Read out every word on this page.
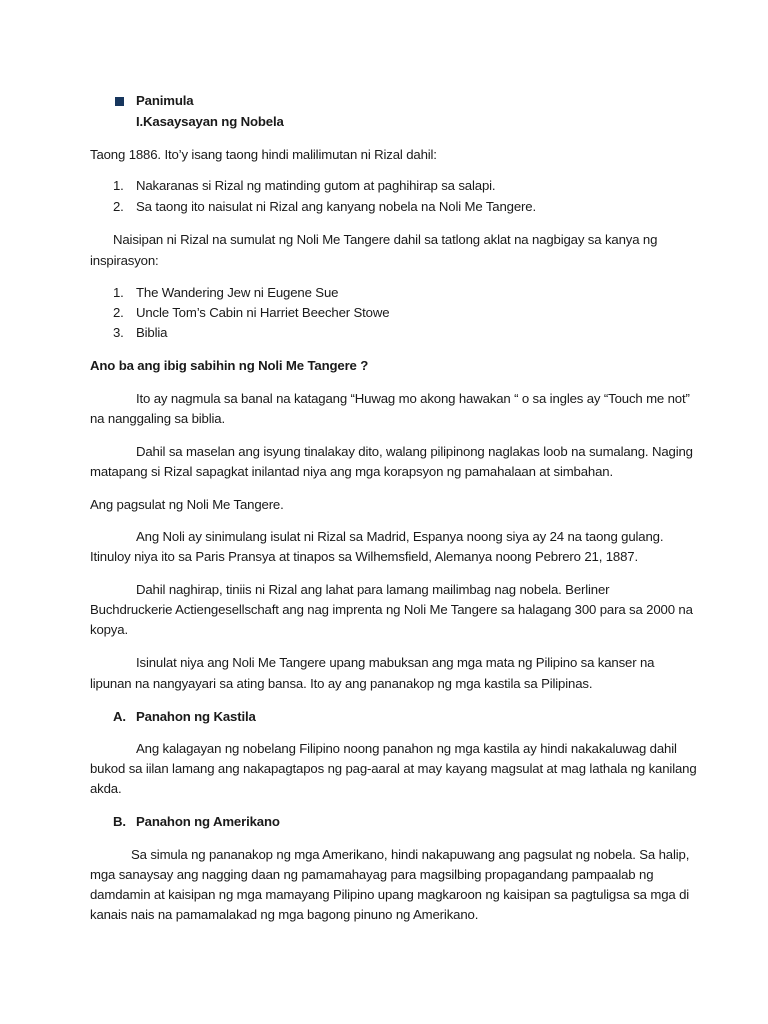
Panimula
I.Kasaysayan ng Nobela
Taong 1886. Ito’y isang taong hindi malilimutan ni Rizal dahil:
1. Nakaranas si Rizal ng matinding gutom at paghihirap sa salapi.
2. Sa taong ito naisulat ni Rizal ang kanyang nobela na Noli Me Tangere.
Naisipan ni Rizal na sumulat ng Noli Me Tangere dahil sa tatlong aklat na nagbigay sa kanya ng
inspirasyon:
1. The Wandering Jew ni Eugene Sue
2. Uncle Tom’s Cabin ni Harriet Beecher Stowe
3. Biblia
Ano ba ang ibig sabihin ng Noli Me Tangere ?
Ito ay nagmula sa banal na katagang “Huwag mo akong hawakan “ o sa ingles ay “Touch me not”
na nanggaling sa biblia.
Dahil sa maselan ang isyung tinalakay dito, walang pilipinong naglakas loob na sumalang. Naging
matapang si Rizal sapagkat inilantad niya ang mga korapsyon ng pamahalaan at simbahan.
Ang pagsulat ng Noli Me Tangere.
Ang Noli ay sinimulang isulat ni Rizal sa Madrid, Espanya noong siya ay 24 na taong gulang.
Itinuloy niya ito sa Paris Pransya at tinapos sa Wilhemsfield, Alemanya noong Pebrero 21, 1887.
Dahil naghirap, tiniis ni Rizal ang lahat para lamang mailimbag nag nobela. Berliner
Buchdruckerie Actiengesellschaft ang nag imprenta ng Noli Me Tangere sa halagang 300 para sa 2000 na
kopya.
Isinulat niya ang Noli Me Tangere upang mabuksan ang mga mata ng Pilipino sa kanser na
lipunan na nangyayari sa ating bansa. Ito ay ang pananakop ng mga kastila sa Pilipinas.
A. Panahon ng Kastila
Ang kalagayan ng nobelang Filipino noong panahon ng mga kastila ay hindi nakakaluwag dahil
bukod sa iilan lamang ang nakapagtapos ng pag-aaral at may kayang magsulat at mag lathala ng kanilang
akda.
B. Panahon ng Amerikano
Sa simula ng pananakop ng mga Amerikano, hindi nakapuwang ang pagsulat ng nobela. Sa halip,
mga sanaysay ang nagging daan ng pamamahayag para magsilbing propagandang pampaalab ng
damdamin at kaisipan ng mga mamayang Pilipino upang magkaroon ng kaisipan sa pagtuligsa sa mga di
kanais nais na pamamalakad ng mga bagong pinuno ng Amerikano.
